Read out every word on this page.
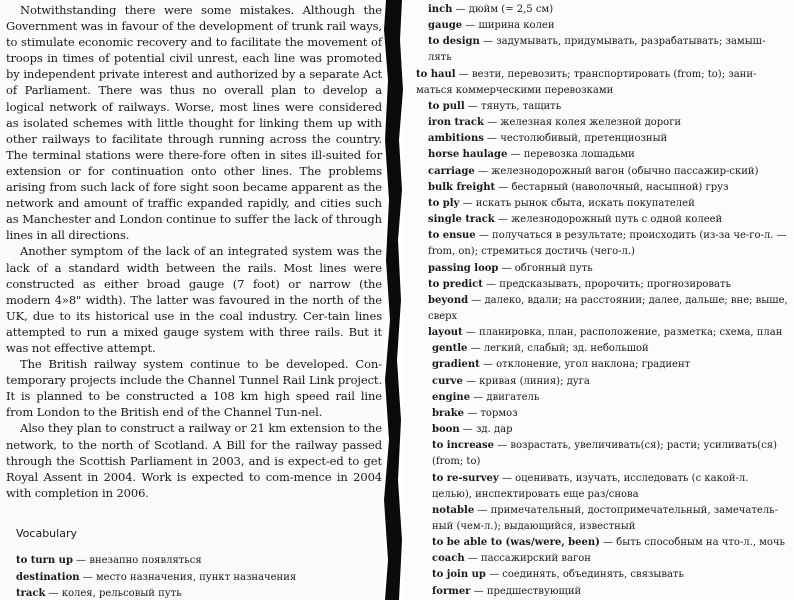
Notwithstanding there were some mistakes. Although the Government was in favour of the development of trunk rail ways, to stimulate economic recovery and to facilitate the movement of troops in times of potential civil unrest, each line was promoted by independent private interest and authorized by a separate Act of Parliament. There was thus no overall plan to develop a logical network of railways. Worse, most lines were considered as isolated schemes with little thought for linking them up with other railways to facilitate through running across the country. The terminal stations were there-fore often in sites ill-suited for extension or for continuation onto other lines. The problems arising from such lack of fore sight soon became apparent as the network and amount of traffic expanded rapidly, and cities such as Manchester and London continue to suffer the lack of through lines in all directions.

Another symptom of the lack of an integrated system was the lack of a standard width between the rails. Most lines were constructed as either broad gauge (7 foot) or narrow (the modern 4»8" width). The latter was favoured in the north of the UK, due to its historical use in the coal industry. Cer-tain lines attempted to run a mixed gauge system with three rails. But it was not effective attempt.

The British railway system continue to be developed. Con-temporary projects include the Channel Tunnel Rail Link project. It is planned to be constructed a 108 km high speed rail line from London to the British end of the Channel Tun-nel.

Also they plan to construct a railway or 21 km extension to the network, to the north of Scotland. A Bill for the railway passed through the Scottish Parliament in 2003, and is expect-ed to get Royal Assent in 2004. Work is expected to com-mence in 2004 with completion in 2006.

Vocabulary

to turn up — внезапно появляться

destination — место назначения, пункт назначения

track — колея, рельсовый путь

inch — дюйм (= 2,5 см)

gauge — ширина колеи

to design — задумывать, придумывать, разрабатывать; замыш-лять

to haul — везти, перевозить; транспортировать (from; to); зани-маться коммерческими перевозками

to pull — тянуть, тащить

iron track — железная колея железной дороги

ambitions — честолюбивый, претенциозный

horse haulage — перевозка лошадьми

carriage — железнодорожный вагон (обычно пассажир-ский)

bulk freight — бестарный (наволочный, насыпной) груз

to ply — искать рынок сбыта, искать покупателей

single track — железнодорожный путь с одной колеей

to ensue — получаться в результате; происходить (из-за че-го-л. — from, on); стремиться достичь (чего-л.)

passing loop — обгонный путь

to predict — предсказывать, пророчить; прогнозировать

beyond — далеко, вдали; на расстоянии; далее, дальше; вне; выше, сверх

layout — планировка, план, расположение, разметка; схема, план

gentle — легкий, слабый; зд. небольшой

gradient — отклонение, угол наклона; градиент

curve — кривая (линия); дуга

engine — двигатель

brake — тормоз

boon — зд. дар

to increase — возрастать, увеличивать(ся); расти; усиливать(ся) (from; to)

to re-survey — оценивать, изучать, исследовать (с какой-л. целью), инспектировать еще раз/снова

notable — примечательный, достопримечательный, замечатель-ный (чем-л.); выдающийся, известный

to be able to (was/were, been) — быть способным на что-л., мочь

coach — пассажирский вагон

to join up — соединять, объединять, связывать

former — предшествующий
